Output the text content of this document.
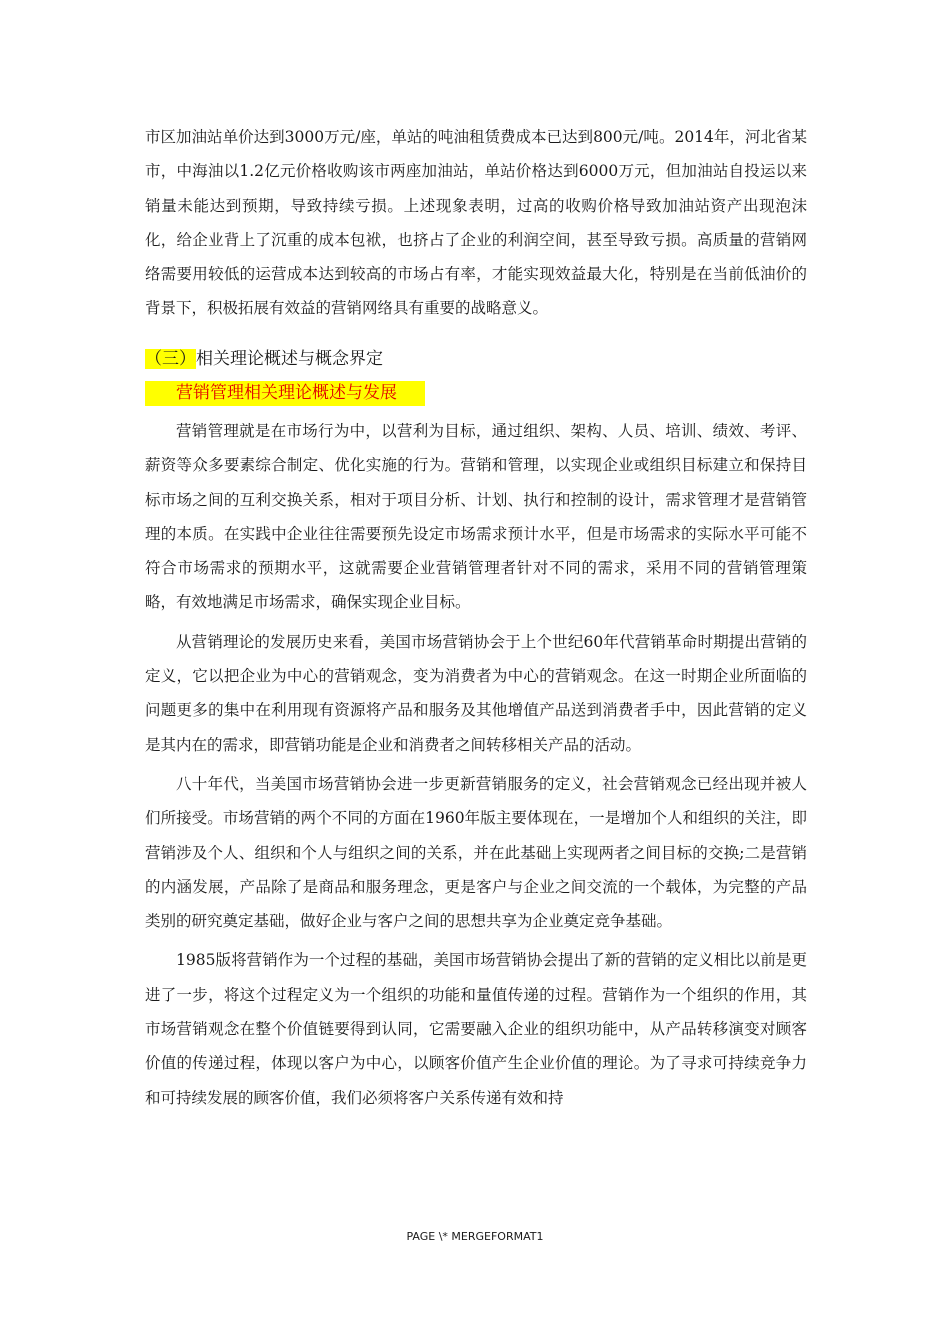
市区加油站单价达到3000万元/座，单站的吨油租赁费成本已达到800元/吨。2014年，河北省某市，中海油以1.2亿元价格收购该市两座加油站，单站价格达到6000万元，但加油站自投运以来销量未能达到预期，导致持续亏损。上述现象表明，过高的收购价格导致加油站资产出现泡沫化，给企业背上了沉重的成本包袱，也挤占了企业的利润空间，甚至导致亏损。高质量的营销网络需要用较低的运营成本达到较高的市场占有率，才能实现效益最大化，特别是在当前低油价的背景下，积极拓展有效益的营销网络具有重要的战略意义。

（三）相关理论概述与概念界定
营销管理相关理论概述与发展

营销管理就是在市场行为中，以营利为目标，通过组织、架构、人员、培训、绩效、考评、薪资等众多要素综合制定、优化实施的行为。营销和管理，以实现企业或组织目标建立和保持目标市场之间的互利交换关系，相对于项目分析、计划、执行和控制的设计，需求管理才是营销管理的本质。在实践中企业往往需要预先设定市场需求预计水平，但是市场需求的实际水平可能不符合市场需求的预期水平，这就需要企业营销管理者针对不同的需求，采用不同的营销管理策略，有效地满足市场需求，确保实现企业目标。

从营销理论的发展历史来看，美国市场营销协会于上个世纪60年代营销革命时期提出营销的定义，它以把企业为中心的营销观念，变为消费者为中心的营销观念。在这一时期企业所面临的问题更多的集中在利用现有资源将产品和服务及其他增值产品送到消费者手中，因此营销的定义是其内在的需求，即营销功能是企业和消费者之间转移相关产品的活动。

八十年代，当美国市场营销协会进一步更新营销服务的定义，社会营销观念已经出现并被人们所接受。市场营销的两个不同的方面在1960年版主要体现在，一是增加个人和组织的关注，即营销涉及个人、组织和个人与组织之间的关系，并在此基础上实现两者之间目标的交换;二是营销的内涵发展，产品除了是商品和服务理念，更是客户与企业之间交流的一个载体，为完整的产品类别的研究奠定基础，做好企业与客户之间的思想共享为企业奠定竞争基础。

1985版将营销作为一个过程的基础，美国市场营销协会提出了新的营销的定义相比以前是更进了一步，将这个过程定义为一个组织的功能和量值传递的过程。营销作为一个组织的作用，其市场营销观念在整个价值链要得到认同，它需要融入企业的组织功能中，从产品转移演变对顾客价值的传递过程，体现以客户为中心，以顾客价值产生企业价值的理论。为了寻求可持续竞争力和可持续发展的顾客价值，我们必须将客户关系传递有效和持

PAGE \* MERGEFORMAT1
